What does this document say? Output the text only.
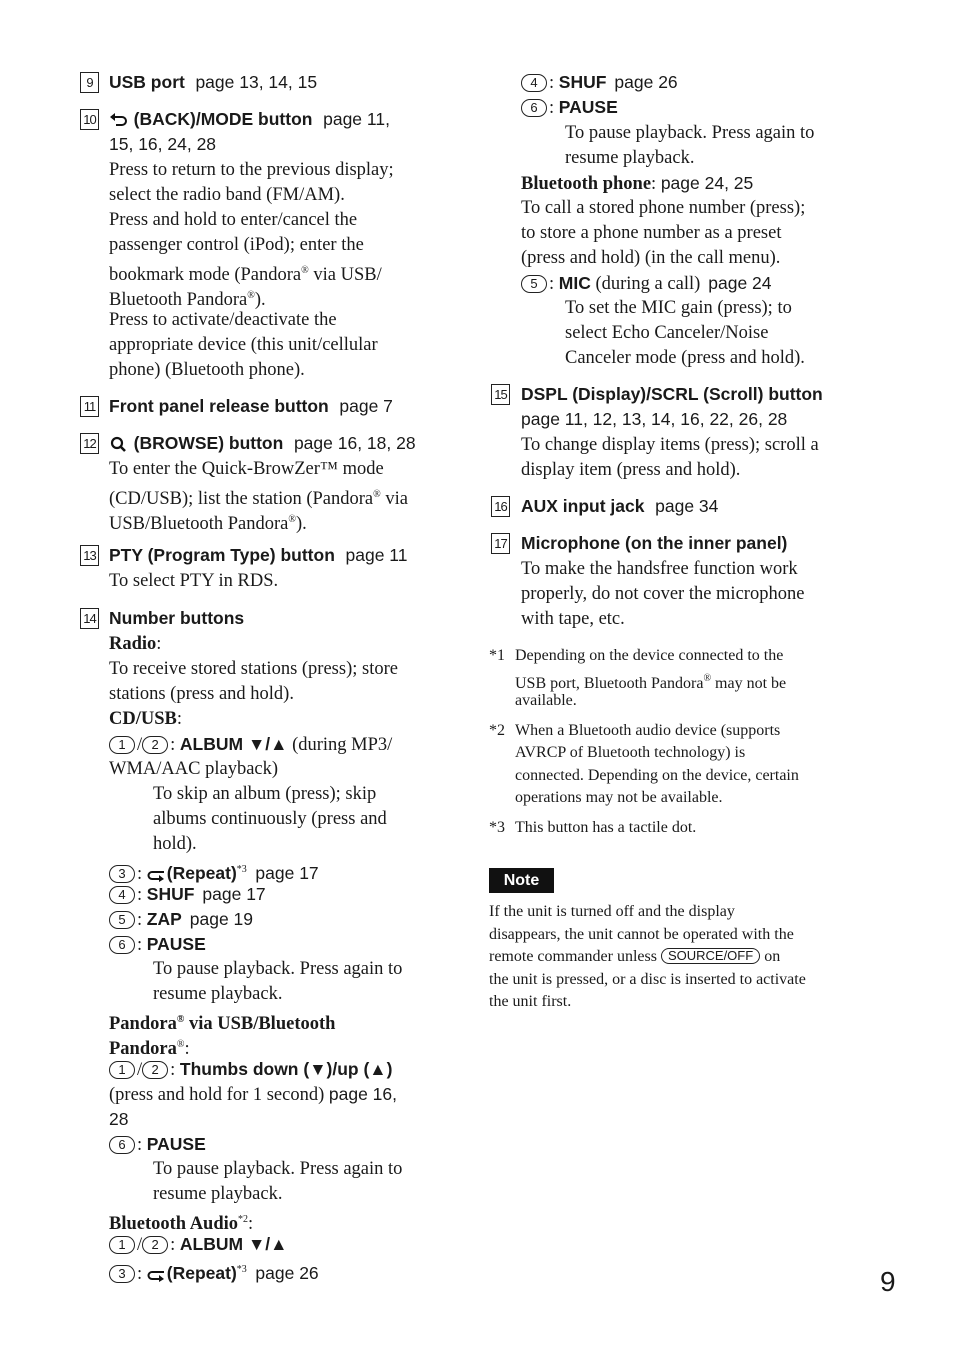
9 USB port page 13, 14, 15
10 (BACK)/MODE button page 11,
15, 16, 24, 28
Press to return to the previous display;
select the radio band (FM/AM).
Press and hold to enter/cancel the
passenger control (iPod); enter the
bookmark mode (Pandora® via USB/
Bluetooth Pandora®).
Press to activate/deactivate the
appropriate device (this unit/cellular
phone) (Bluetooth phone).
11 Front panel release button page 7
12 (BROWSE) button page 16, 18, 28
To enter the Quick-BrowZer™ mode
(CD/USB); list the station (Pandora® via
USB/Bluetooth Pandora®).
13 PTY (Program Type) button page 11
To select PTY in RDS.
14 Number buttons
Radio:
To receive stored stations (press); store
stations (press and hold).
CD/USB:
1 / 2 : ALBUM ▼/▲ (during MP3/
WMA/AAC playback)
To skip an album (press); skip
albums continuously (press and
hold).
3 : (Repeat)$^{*3}$ page 17
4 : SHUF page 17
5 : ZAP page 19
6 : PAUSE
To pause playback. Press again to
resume playback.
Pandora® via USB/Bluetooth
Pandora®:
1 / 2 : Thumbs down (▼)/up (▲)
(press and hold for 1 second) page 16,
28
6 : PAUSE
To pause playback. Press again to
resume playback.
Bluetooth Audio$^{*2}$:
1 / 2 : ALBUM ▼/▲
3 : (Repeat)$^{*3}$ page 26
4 : SHUF page 26
6 : PAUSE
To pause playback. Press again to
resume playback.
Bluetooth phone: page 24, 25
To call a stored phone number (press);
to store a phone number as a preset
(press and hold) (in the call menu).
5 : MIC (during a call) page 24
To set the MIC gain (press); to
select Echo Canceler/Noise
Canceler mode (press and hold).
15 DSPL (Display)/SCRL (Scroll) button
page 11, 12, 13, 14, 16, 22, 26, 28
To change display items (press); scroll a
display item (press and hold).
16 AUX input jack page 34
17 Microphone (on the inner panel)
To make the handsfree function work
properly, do not cover the microphone
with tape, etc.
*1 Depending on the device connected to the
USB port, Bluetooth Pandora® may not be
available.
*2 When a Bluetooth audio device (supports
AVRCP of Bluetooth technology) is
connected. Depending on the device, certain
operations may not be available.
*3 This button has a tactile dot.
Note
If the unit is turned off and the display
disappears, the unit cannot be operated with the
remote commander unless SOURCE/OFF on
the unit is pressed, or a disc is inserted to activate
the unit first.
9
